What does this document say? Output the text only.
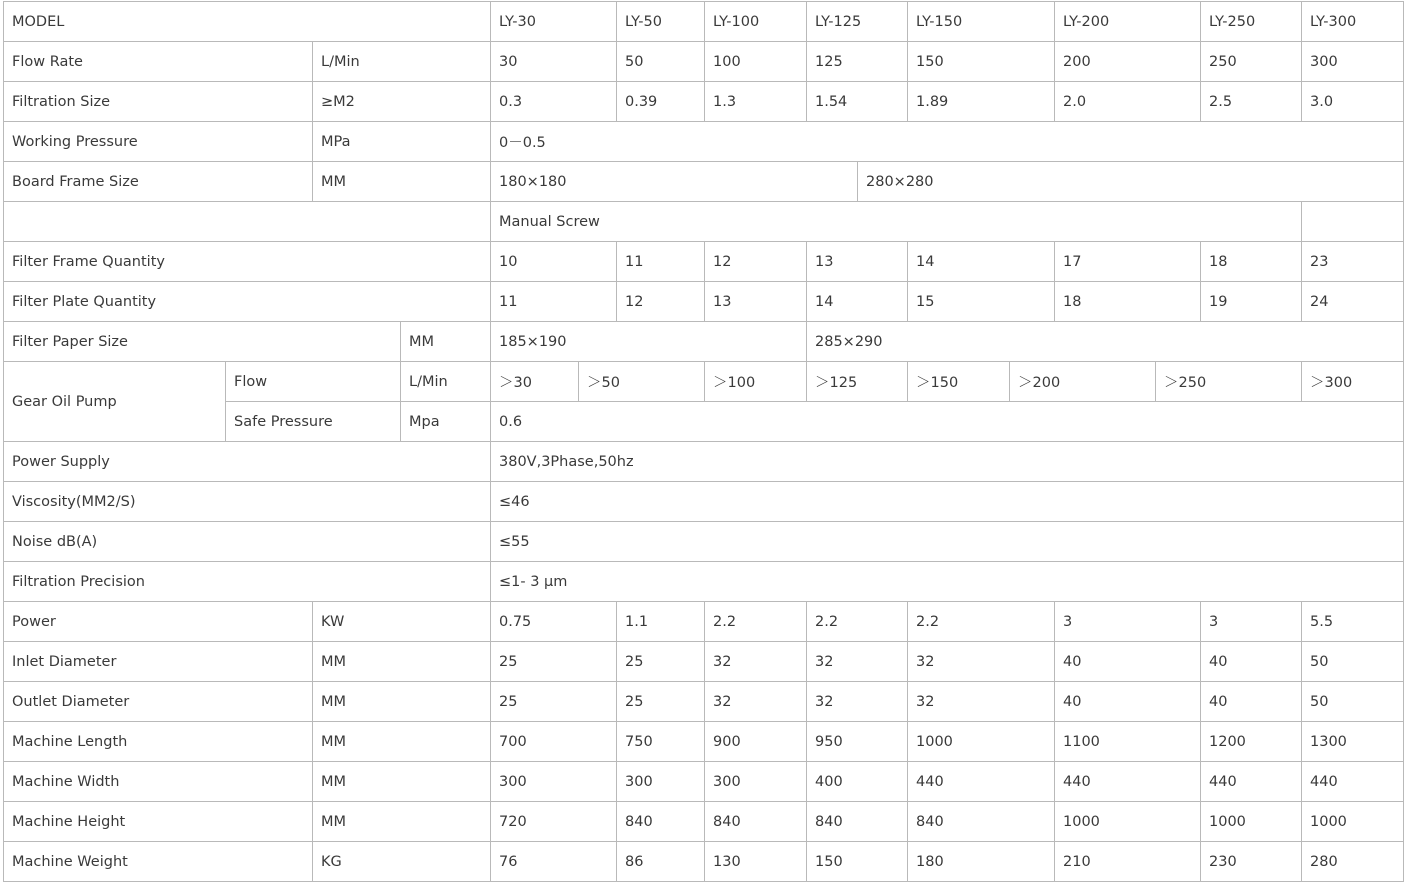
MODEL	LY-30	LY-50	LY-100	LY-125	LY-150	LY-200	LY-250	LY-300
Flow Rate	L/Min	30	50	100	125	150	200	250	300
Filtration Size	≥M2	0.3	0.39	1.3	1.54	1.89	2.0	2.5	3.0
Working Pressure	MPa	0－0.5
Board Frame Size	MM	180×180	280×280
Manual Screw
Filter Frame Quantity	10	11	12	13	14	17	18	23
Filter Plate Quantity	11	12	13	14	15	18	19	24
Filter Paper Size	MM	185×190	285×290
Gear Oil Pump
Flow	L/Min	＞30	＞50	＞100	＞125	＞150	＞200	＞250	＞300
Safe Pressure	Mpa	0.6
Power Supply	380V,3Phase,50hz
Viscosity(MM2/S)	≤46
Noise dB(A)	≤55
Filtration Precision	≤1- 3 μm
Power	KW	0.75	1.1	2.2	2.2	2.2	3	3	5.5
Inlet Diameter	MM	25	25	32	32	32	40	40	50
Outlet Diameter	MM	25	25	32	32	32	40	40	50
Machine Length	MM	700	750	900	950	1000	1100	1200	1300
Machine Width	MM	300	300	300	400	440	440	440	440
Machine Height	MM	720	840	840	840	840	1000	1000	1000
Machine Weight	KG	76	86	130	150	180	210	230	280
